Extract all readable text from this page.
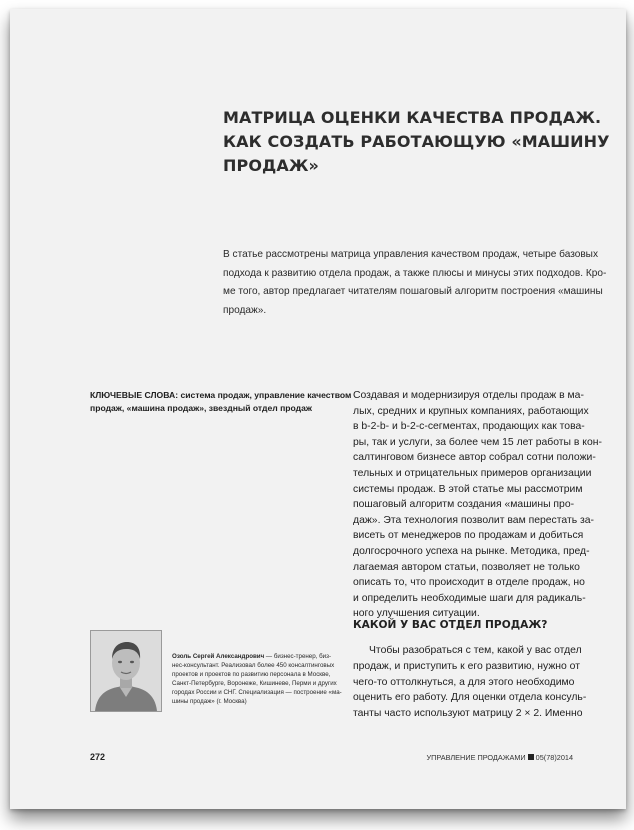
МАТРИЦА ОЦЕНКИ КАЧЕСТВА ПРОДАЖ.
КАК СОЗДАТЬ РАБОТАЮЩУЮ «МАШИНУ
ПРОДАЖ»
В статье рассмотрены матрица управления качеством продаж, четыре базовых
подхода к развитию отдела продаж, а также плюсы и минусы этих подходов. Кро-
ме того, автор предлагает читателям пошаговый алгоритм построения «машины
продаж».
КЛЮЧЕВЫЕ СЛОВА: система продаж, управление качеством
продаж, «машина продаж», звездный отдел продаж
Создавая и модернизируя отделы продаж в ма-
лых, средних и крупных компаниях, работающих
в b-2-b- и b-2-c-сегментах, продающих как това-
ры, так и услуги, за более чем 15 лет работы в кон-
салтинговом бизнесе автор собрал сотни положи-
тельных и отрицательных примеров организации
системы продаж. В этой статье мы рассмотрим
пошаговый алгоритм создания «машины про-
даж». Эта технология позволит вам перестать за-
висеть от менеджеров по продажам и добиться
долгосрочного успеха на рынке. Методика, пред-
лагаемая автором статьи, позволяет не только
описать то, что происходит в отделе продаж, но
и определить необходимые шаги для радикаль-
ного улучшения ситуации.
КАКОЙ У ВАС ОТДЕЛ ПРОДАЖ?
Чтобы разобраться с тем, какой у вас отдел
продаж, и приступить к его развитию, нужно от
чего-то оттолкнуться, а для этого необходимо
оценить его работу. Для оценки отдела консуль-
танты часто используют матрицу 2 × 2. Именно
Озоль Сергей Александрович — бизнес-тренер, биз-
нес-консультант. Реализовал более 450 консалтинговых
проектов и проектов по развитию персонала в Москве,
Санкт-Петербурге, Воронеже, Кишиневе, Перми и других
городах России и СНГ. Специализация — построение «ма-
шины продаж» (г. Москва)
272	УПРАВЛЕНИЕ ПРОДАЖАМИ 05(78)2014
